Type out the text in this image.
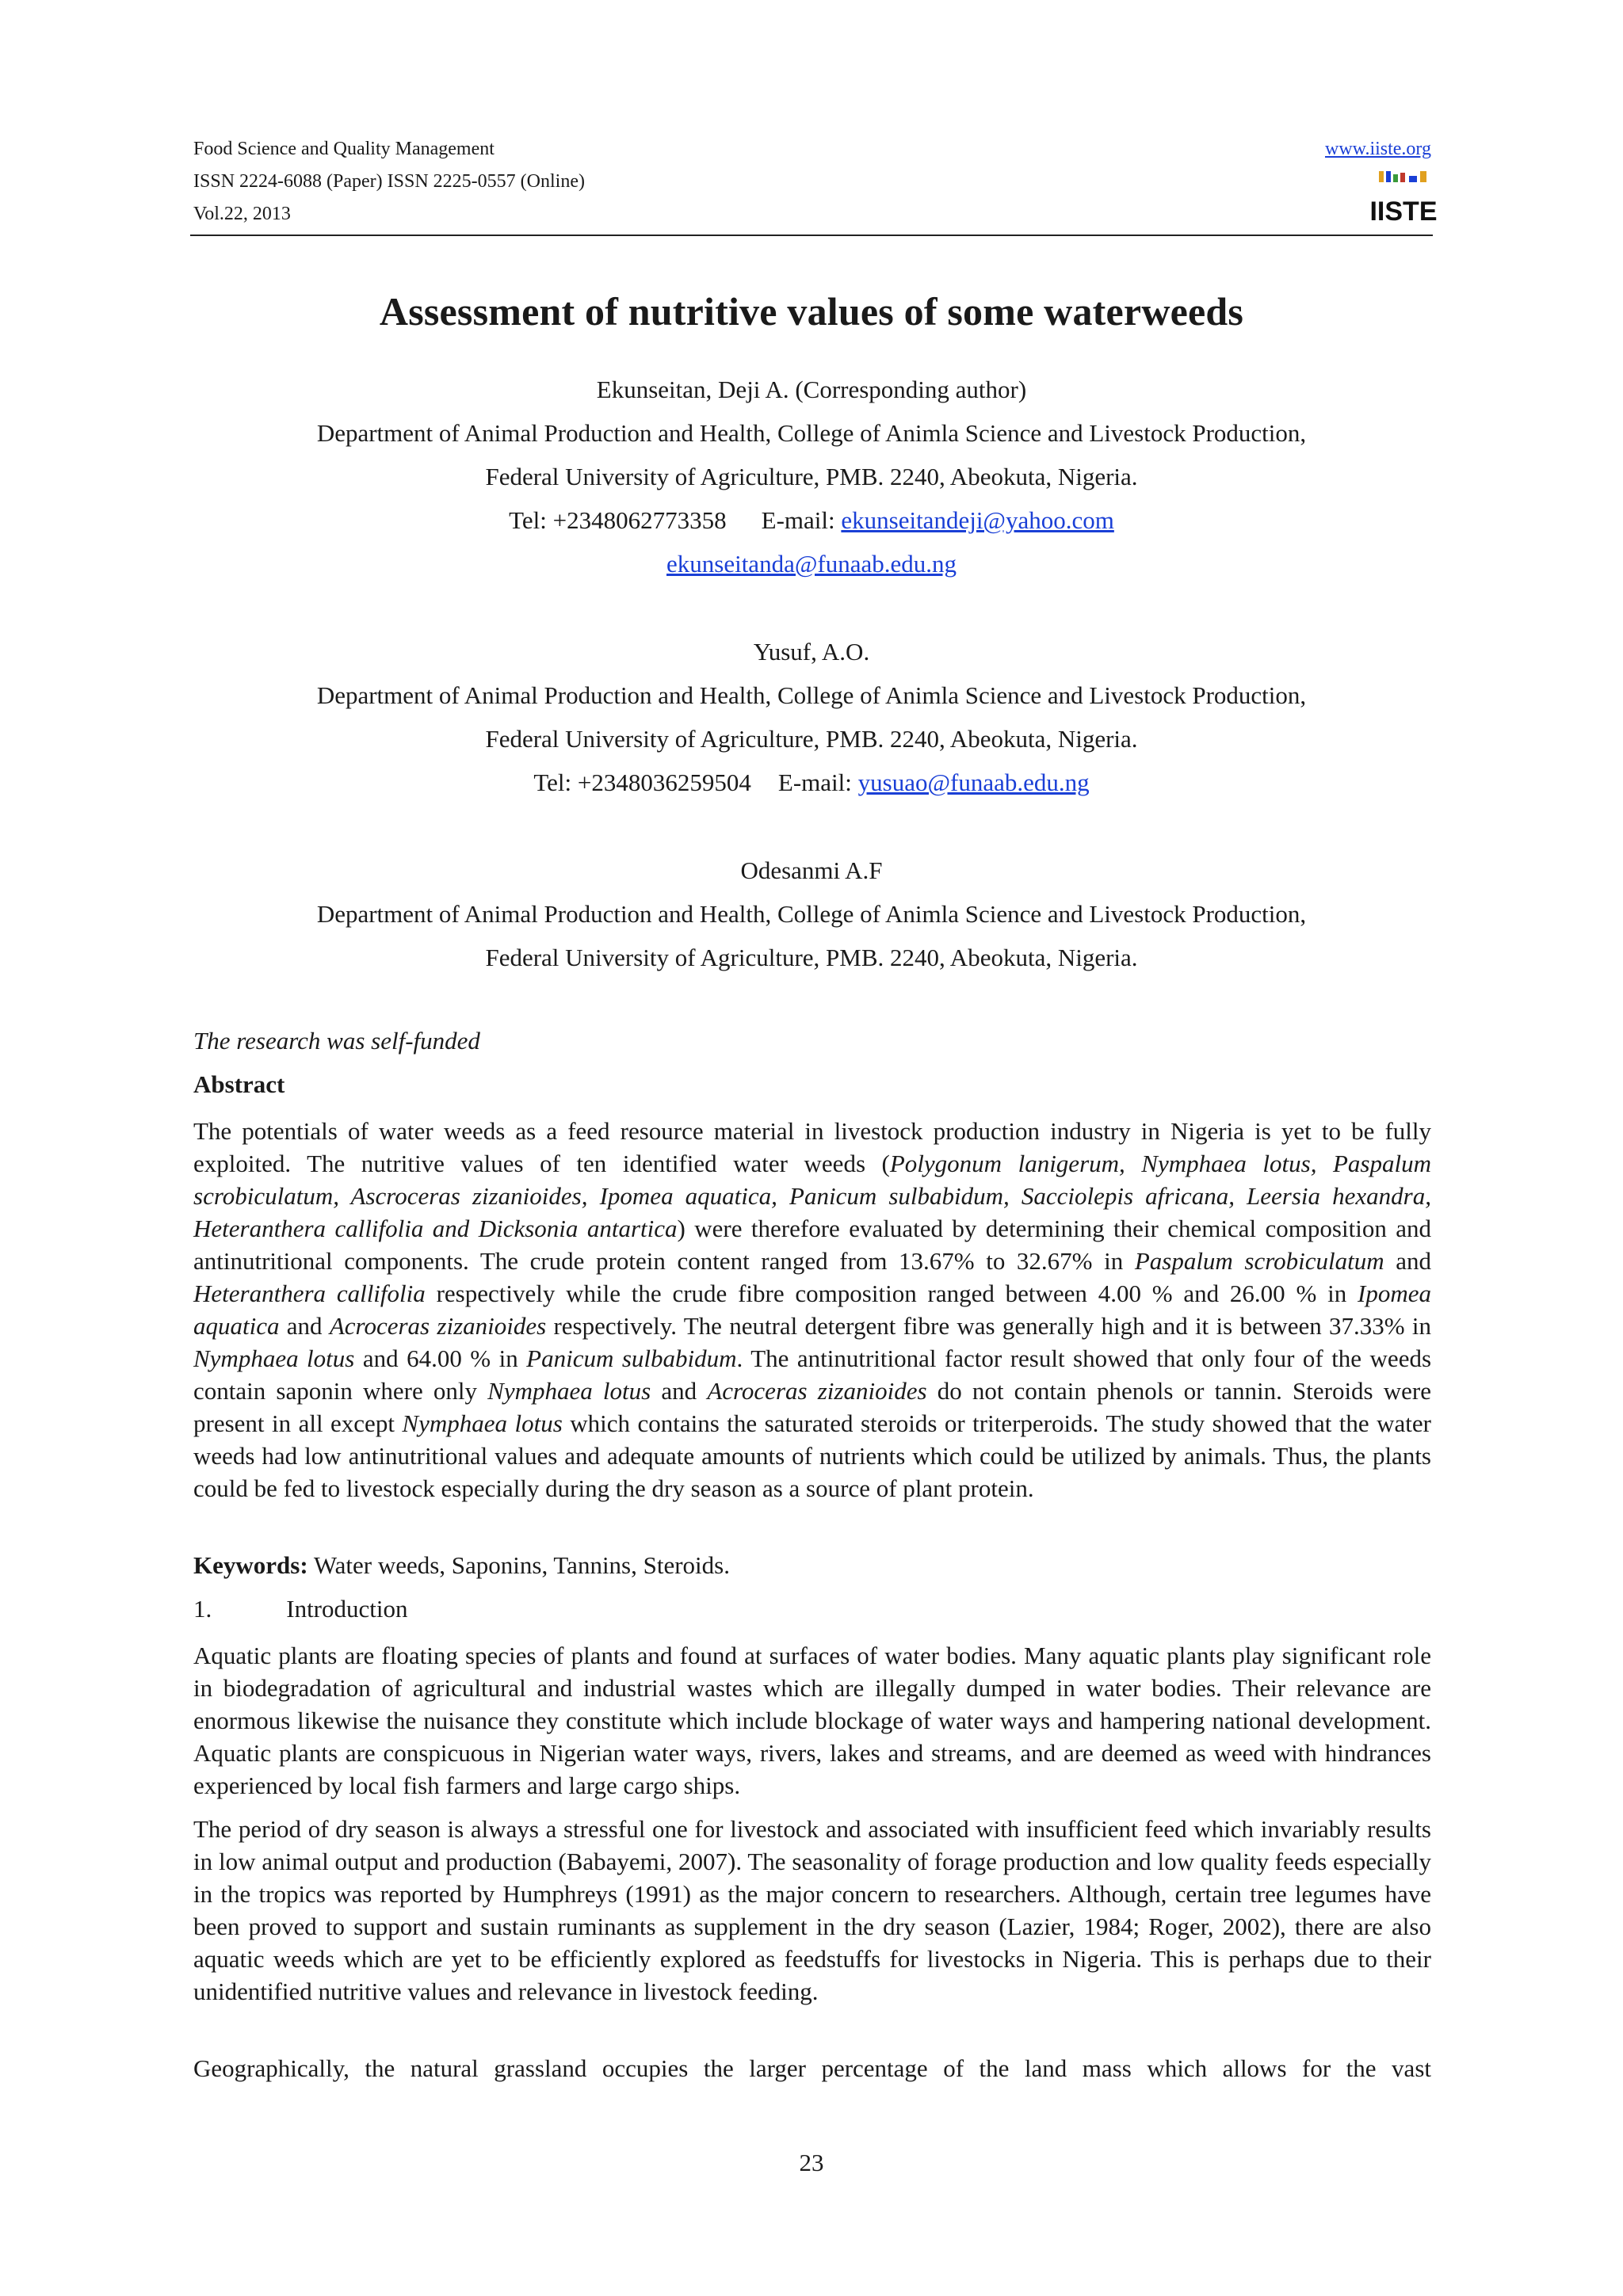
Food Science and Quality Management
ISSN 2224-6088 (Paper) ISSN 2225-0557 (Online)
Vol.22, 2013
www.iiste.org
IISTE
Assessment of nutritive values of some waterweeds

Ekunseitan, Deji A. (Corresponding author)

Department of Animal Production and Health, College of Animla Science and Livestock Production,

Federal University of Agriculture, PMB. 2240, Abeokuta, Nigeria.

Tel: +2348062773358 E-mail: ekunseitandeji@yahoo.com

ekunseitanda@funaab.edu.ng

Yusuf, A.O.

Department of Animal Production and Health, College of Animla Science and Livestock Production,

Federal University of Agriculture, PMB. 2240, Abeokuta, Nigeria.

Tel: +2348036259504 E-mail: yusuao@funaab.edu.ng

Odesanmi A.F

Department of Animal Production and Health, College of Animla Science and Livestock Production,

Federal University of Agriculture, PMB. 2240, Abeokuta, Nigeria.

The research was self-funded
Abstract

The potentials of water weeds as a feed resource material in livestock production industry in Nigeria is yet to be fully exploited. The nutritive values of ten identified water weeds (Polygonum lanigerum, Nymphaea lotus, Paspalum scrobiculatum, Ascroceras zizanioides, Ipomea aquatica, Panicum sulbabidum, Sacciolepis africana, Leersia hexandra, Heteranthera callifolia and Dicksonia antartica) were therefore evaluated by determining their chemical composition and antinutritional components. The crude protein content ranged from 13.67% to 32.67% in Paspalum scrobiculatum and Heteranthera callifolia respectively while the crude fibre composition ranged between 4.00 % and 26.00 % in Ipomea aquatica and Acroceras zizanioides respectively. The neutral detergent fibre was generally high and it is between 37.33% in Nymphaea lotus and 64.00 % in Panicum sulbabidum. The antinutritional factor result showed that only four of the weeds contain saponin where only Nymphaea lotus and Acroceras zizanioides do not contain phenols or tannin. Steroids were present in all except Nymphaea lotus which contains the saturated steroids or triterperoids. The study showed that the water weeds had low antinutritional values and adequate amounts of nutrients which could be utilized by animals. Thus, the plants could be fed to livestock especially during the dry season as a source of plant protein.

Keywords: Water weeds, Saponins, Tannins, Steroids.
1.	Introduction

Aquatic plants are floating species of plants and found at surfaces of water bodies. Many aquatic plants play significant role in biodegradation of agricultural and industrial wastes which are illegally dumped in water bodies. Their relevance are enormous likewise the nuisance they constitute which include blockage of water ways and hampering national development. Aquatic plants are conspicuous in Nigerian water ways, rivers, lakes and streams, and are deemed as weed with hindrances experienced by local fish farmers and large cargo ships.

The period of dry season is always a stressful one for livestock and associated with insufficient feed which invariably results in low animal output and production (Babayemi, 2007). The seasonality of forage production and low quality feeds especially in the tropics was reported by Humphreys (1991) as the major concern to researchers. Although, certain tree legumes have been proved to support and sustain ruminants as supplement in the dry season (Lazier, 1984; Roger, 2002), there are also aquatic weeds which are yet to be efficiently explored as feedstuffs for livestocks in Nigeria. This is perhaps due to their unidentified nutritive values and relevance in livestock feeding.

Geographically, the natural grassland occupies the larger percentage of the land mass which allows for the vast

23
